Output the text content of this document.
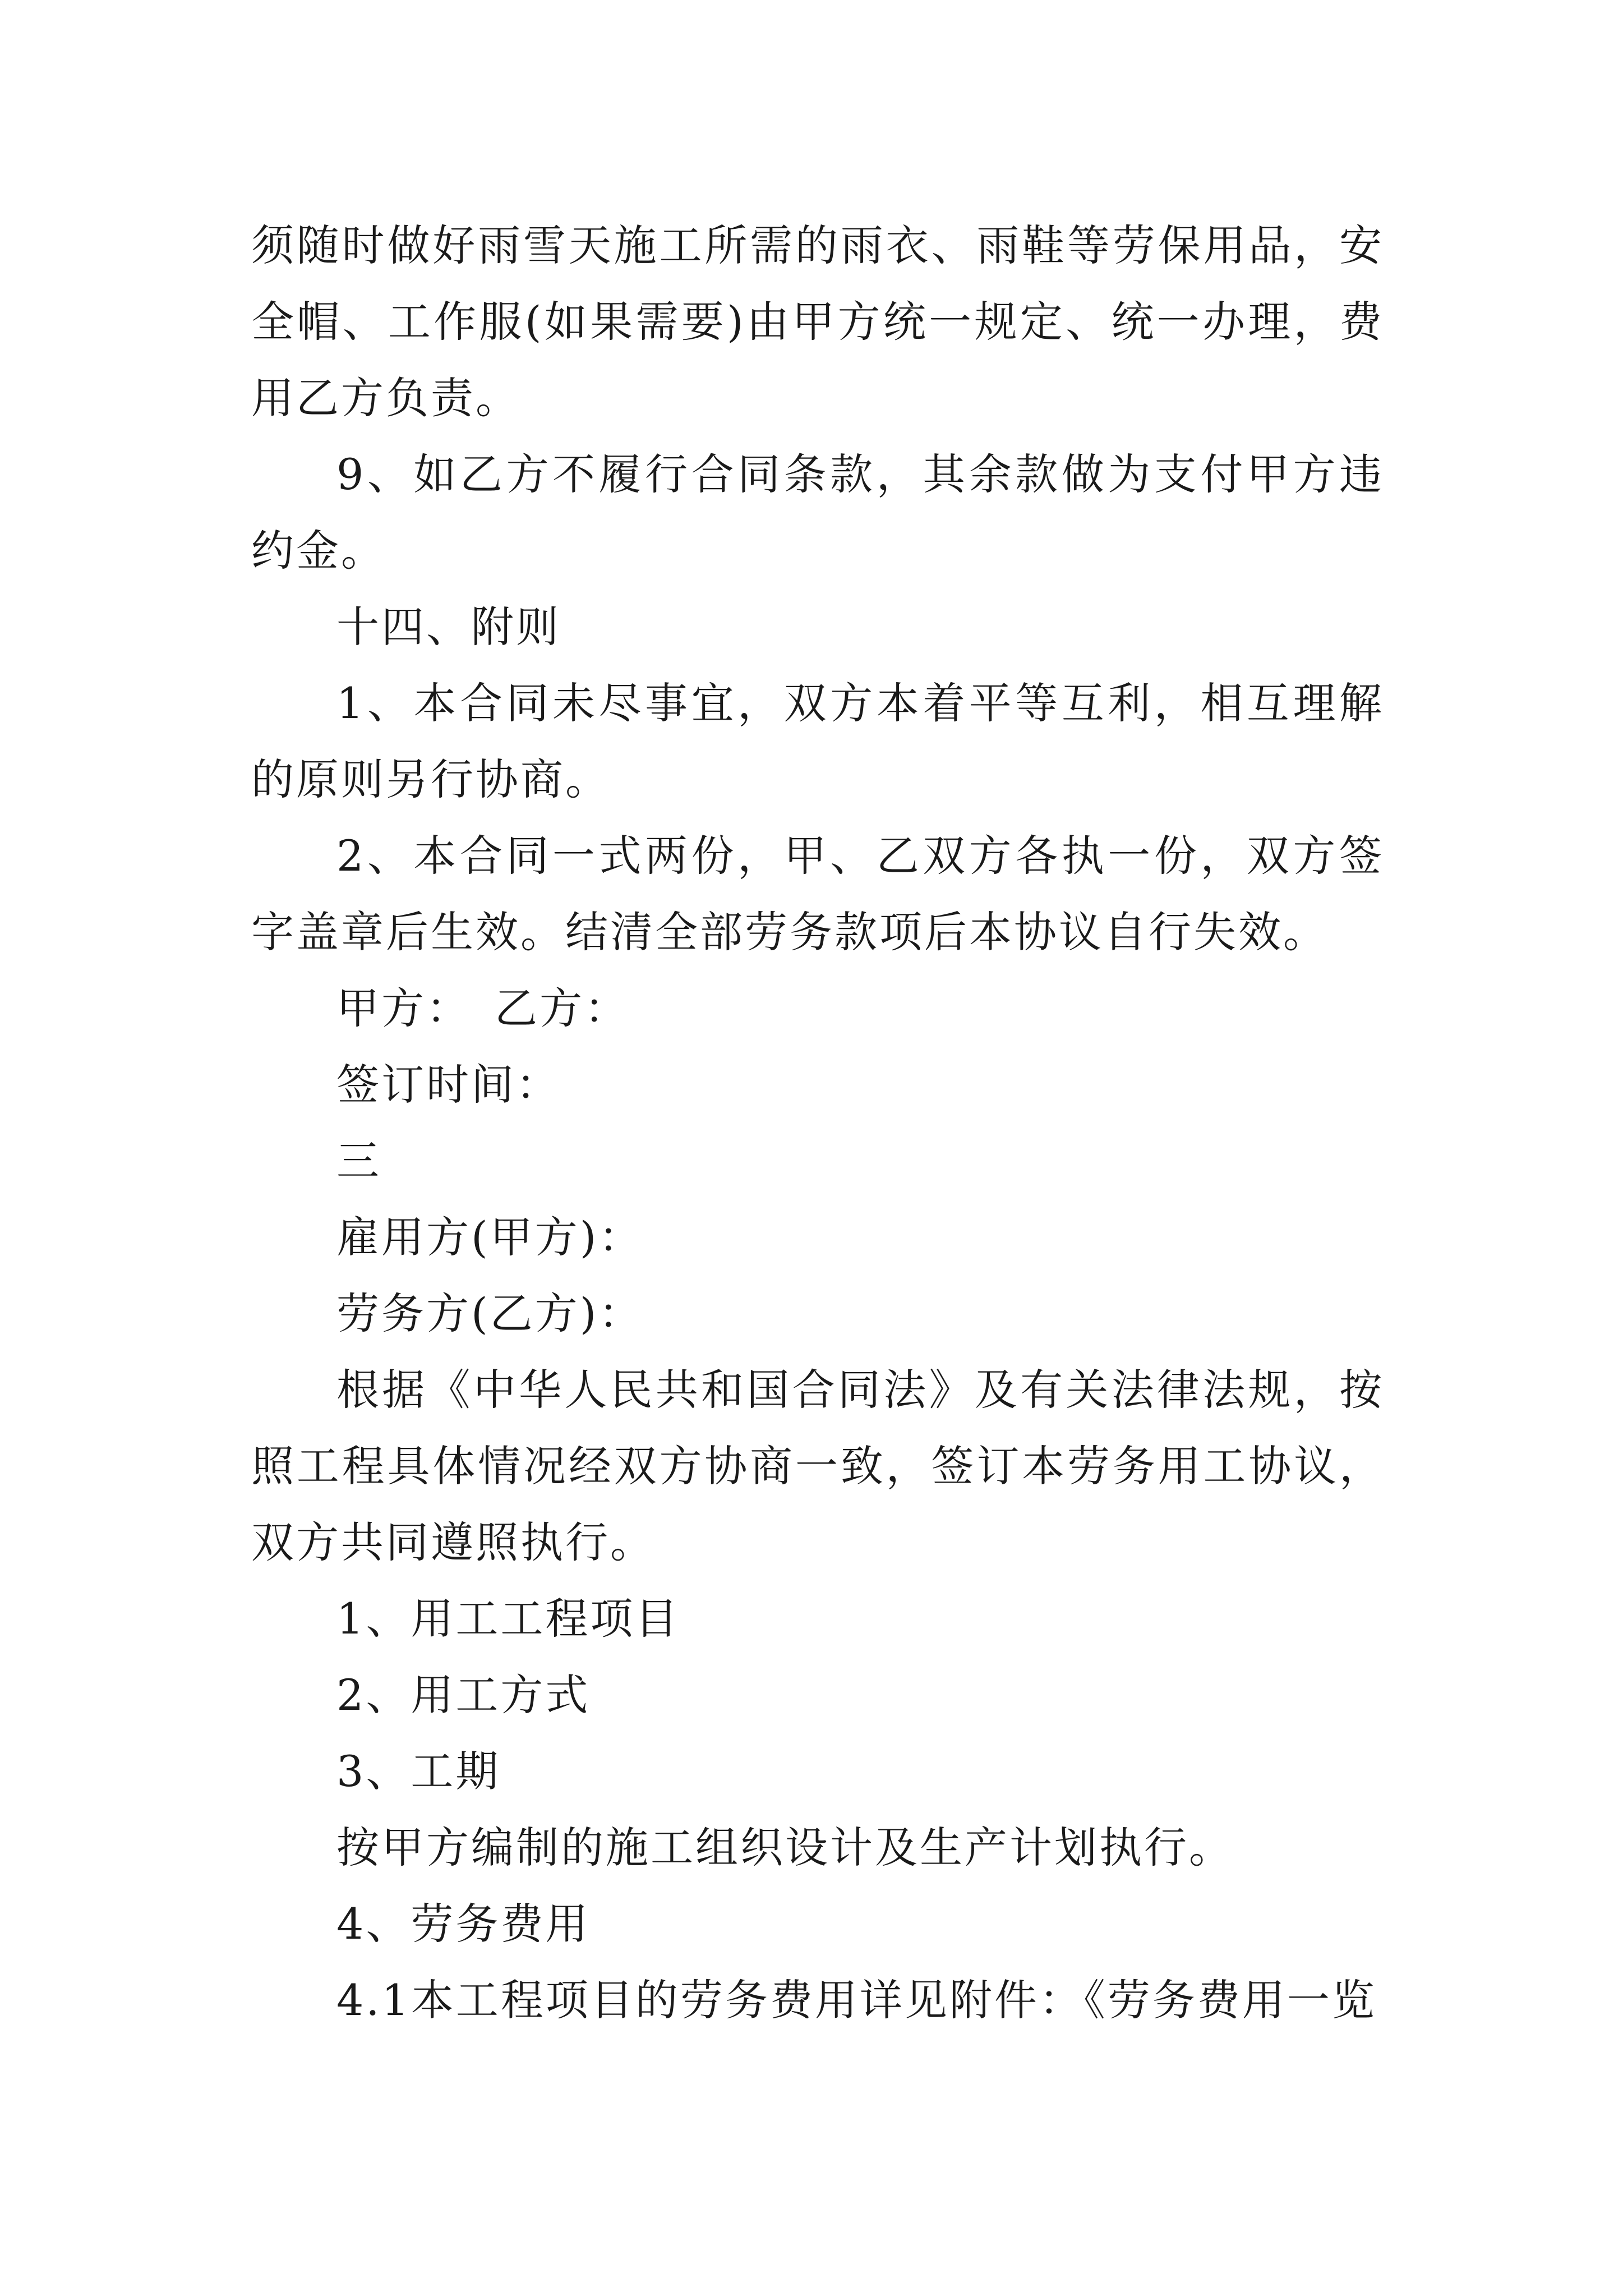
须随时做好雨雪天施工所需的雨衣、雨鞋等劳保用品，安全帽、工作服(如果需要)由甲方统一规定、统一办理，费用乙方负责。

9、如乙方不履行合同条款，其余款做为支付甲方违约金。

十四、附则

1、本合同未尽事宜，双方本着平等互利，相互理解的原则另行协商。

2、本合同一式两份，甲、乙双方各执一份，双方签字盖章后生效。结清全部劳务款项后本协议自行失效。

甲方：　乙方：

签订时间：

三

雇用方(甲方)：

劳务方(乙方)：

根据《中华人民共和国合同法》及有关法律法规，按照工程具体情况经双方协商一致，签订本劳务用工协议，双方共同遵照执行。

1、用工工程项目

2、用工方式

3、工期

按甲方编制的施工组织设计及生产计划执行。

4、劳务费用

4.1本工程项目的劳务费用详见附件：《劳务费用一览
